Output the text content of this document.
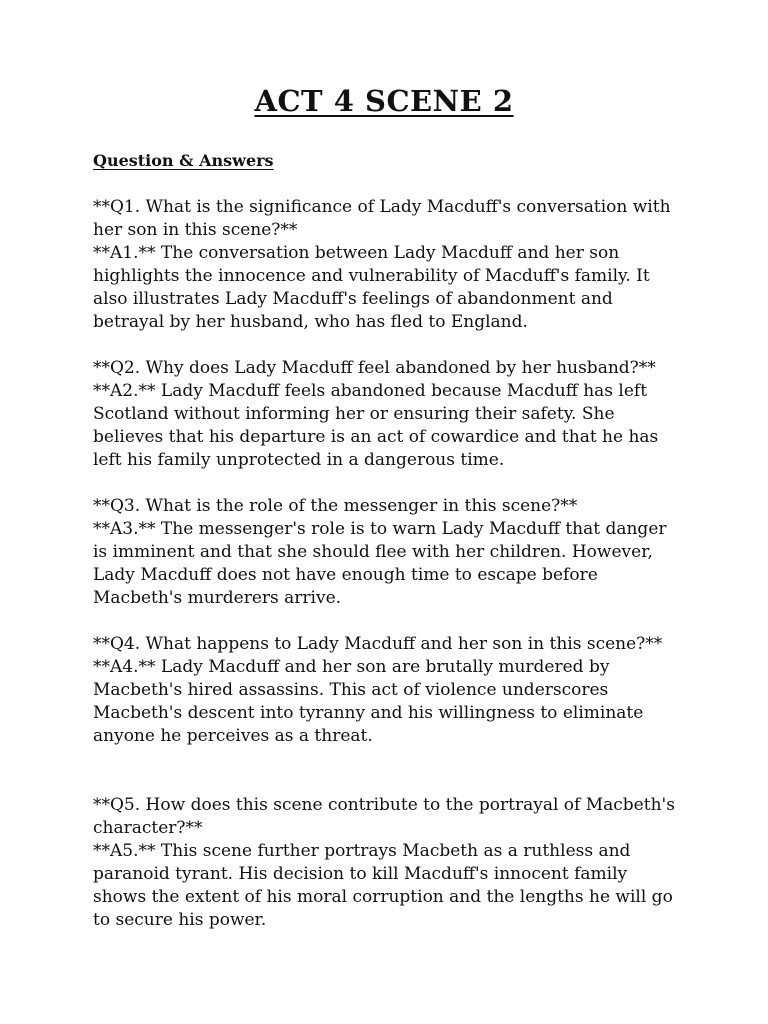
ACT 4 SCENE 2
Question & Answers

**Q1. What is the significance of Lady Macduff's conversation with her son in this scene?**

**A1.** The conversation between Lady Macduff and her son highlights the innocence and vulnerability of Macduff's family. It also illustrates Lady Macduff's feelings of abandonment and betrayal by her husband, who has fled to England.

**Q2. Why does Lady Macduff feel abandoned by her husband?**

**A2.** Lady Macduff feels abandoned because Macduff has left Scotland without informing her or ensuring their safety. She believes that his departure is an act of cowardice and that he has left his family unprotected in a dangerous time.

**Q3. What is the role of the messenger in this scene?**

**A3.** The messenger's role is to warn Lady Macduff that danger is imminent and that she should flee with her children. However, Lady Macduff does not have enough time to escape before Macbeth's murderers arrive.

**Q4. What happens to Lady Macduff and her son in this scene?**

**A4.** Lady Macduff and her son are brutally murdered by Macbeth's hired assassins. This act of violence underscores Macbeth's descent into tyranny and his willingness to eliminate anyone he perceives as a threat.

**Q5. How does this scene contribute to the portrayal of Macbeth's character?**

**A5.** This scene further portrays Macbeth as a ruthless and paranoid tyrant. His decision to kill Macduff's innocent family shows the extent of his moral corruption and the lengths he will go to secure his power.
